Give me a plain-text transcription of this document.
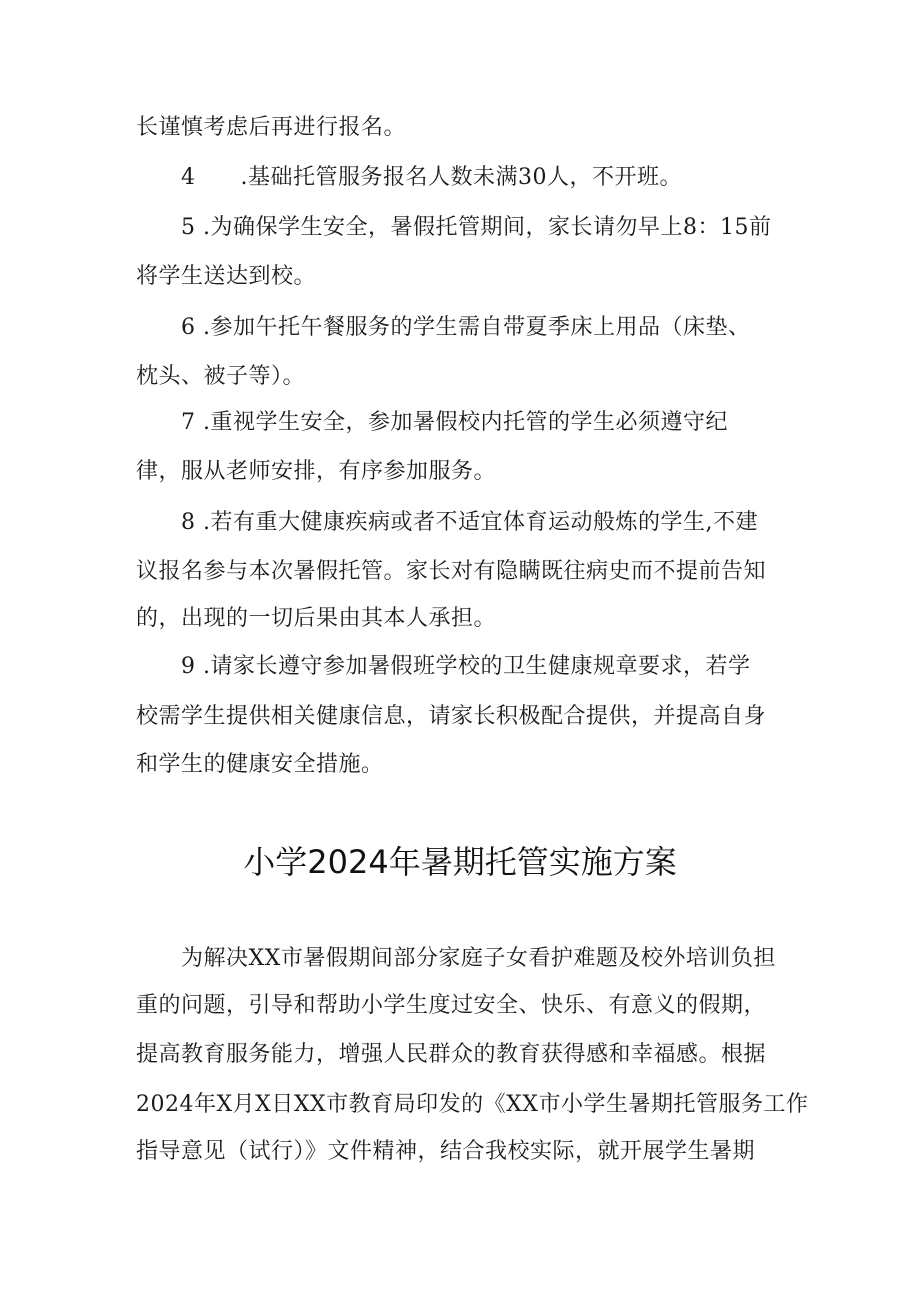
长谨慎考虑后再进行报名。
4　　.基础托管服务报名人数未满30人，不开班。
5 .为确保学生安全，暑假托管期间，家长请勿早上8：15前
将学生送达到校。
6 .参加午托午餐服务的学生需自带夏季床上用品（床垫、
枕头、被子等）。
7 .重视学生安全，参加暑假校内托管的学生必须遵守纪
律，服从老师安排，有序参加服务。
8 .若有重大健康疾病或者不适宜体育运动般炼的学生,不建
议报名参与本次暑假托管。家长对有隐瞒既往病史而不提前告知
的，出现的一切后果由其本人承担。
9 .请家长遵守参加暑假班学校的卫生健康规章要求，若学
校需学生提供相关健康信息，请家长积极配合提供，并提高自身
和学生的健康安全措施。
小学2024年暑期托管实施方案
为解决XX市暑假期间部分家庭子女看护难题及校外培训负担
重的问题，引导和帮助小学生度过安全、快乐、有意义的假期，
提高教育服务能力，增强人民群众的教育获得感和幸福感。根据
2024年X月X日XX市教育局印发的《XX市小学生暑期托管服务工作
指导意见（试行）》文件精神，结合我校实际，就开展学生暑期
